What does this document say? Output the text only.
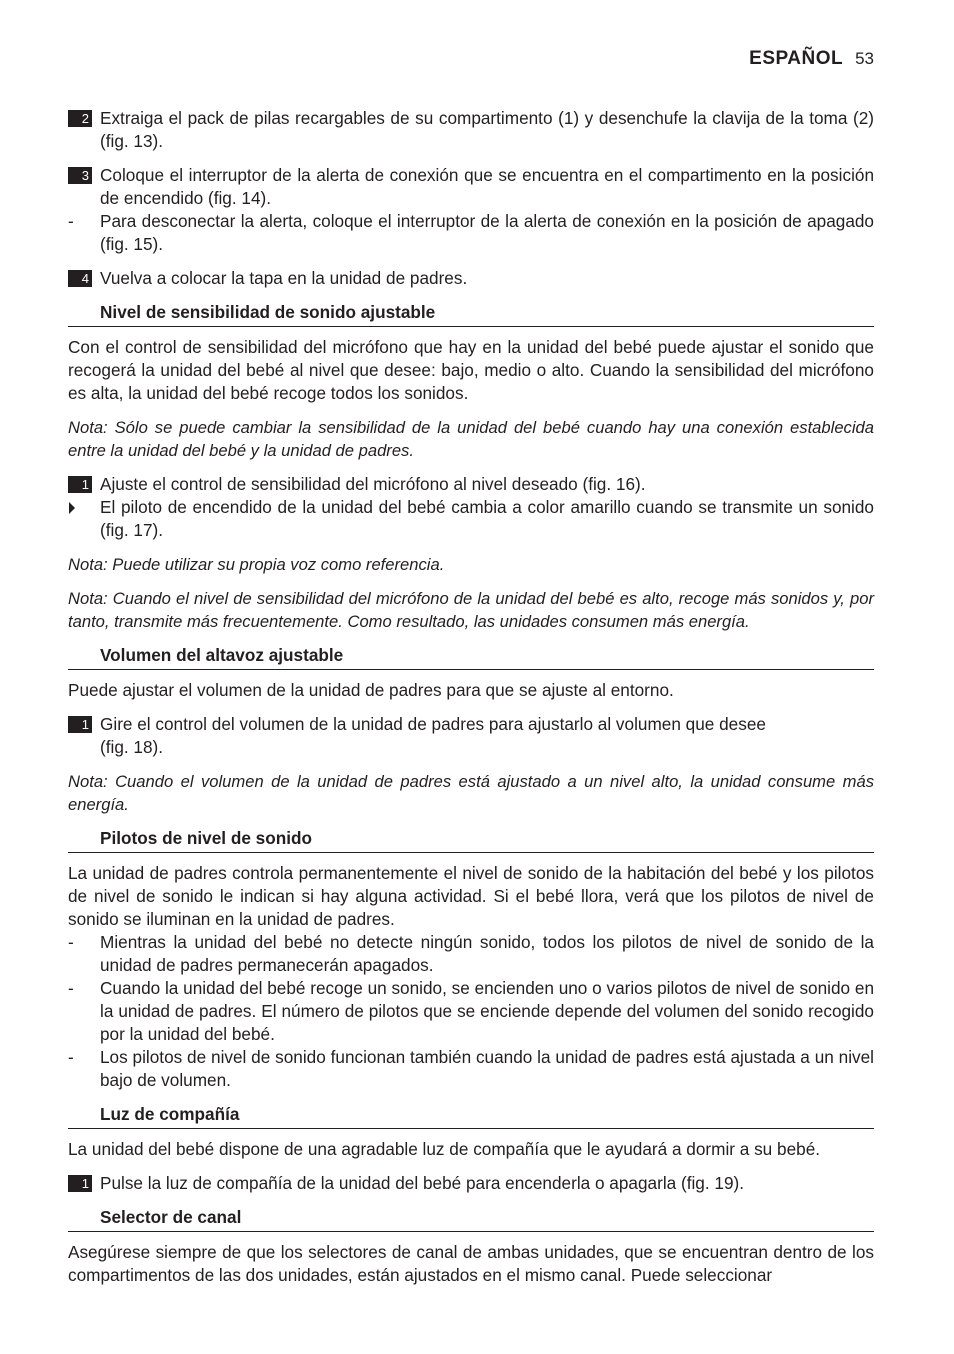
ESPAÑOL 53
2 Extraiga el pack de pilas recargables de su compartimento (1) y desenchufe la clavija de la toma (2) (fig. 13).
3 Coloque el interruptor de la alerta de conexión que se encuentra en el compartimento en la posición de encendido (fig. 14).
- Para desconectar la alerta, coloque el interruptor de la alerta de conexión en la posición de apagado (fig. 15).
4 Vuelva a colocar la tapa en la unidad de padres.
Nivel de sensibilidad de sonido ajustable
Con el control de sensibilidad del micrófono que hay en la unidad del bebé puede ajustar el sonido que recogerá la unidad del bebé al nivel que desee: bajo, medio o alto. Cuando la sensibilidad del micrófono es alta, la unidad del bebé recoge todos los sonidos.
Nota: Sólo se puede cambiar la sensibilidad de la unidad del bebé cuando hay una conexión establecida entre la unidad del bebé y la unidad de padres.
1 Ajuste el control de sensibilidad del micrófono al nivel deseado (fig. 16).
El piloto de encendido de la unidad del bebé cambia a color amarillo cuando se transmite un sonido (fig. 17).
Nota: Puede utilizar su propia voz como referencia.
Nota: Cuando el nivel de sensibilidad del micrófono de la unidad del bebé es alto, recoge más sonidos y, por tanto, transmite más frecuentemente. Como resultado, las unidades consumen más energía.
Volumen del altavoz ajustable
Puede ajustar el volumen de la unidad de padres para que se ajuste al entorno.
1 Gire el control del volumen de la unidad de padres para ajustarlo al volumen que desee (fig. 18).
Nota: Cuando el volumen de la unidad de padres está ajustado a un nivel alto, la unidad consume más energía.
Pilotos de nivel de sonido
La unidad de padres controla permanentemente el nivel de sonido de la habitación del bebé y los pilotos de nivel de sonido le indican si hay alguna actividad. Si el bebé llora, verá que los pilotos de nivel de sonido se iluminan en la unidad de padres.
- Mientras la unidad del bebé no detecte ningún sonido, todos los pilotos de nivel de sonido de la unidad de padres permanecerán apagados.
- Cuando la unidad del bebé recoge un sonido, se encienden uno o varios pilotos de nivel de sonido en la unidad de padres. El número de pilotos que se enciende depende del volumen del sonido recogido por la unidad del bebé.
- Los pilotos de nivel de sonido funcionan también cuando la unidad de padres está ajustada a un nivel bajo de volumen.
Luz de compañía
La unidad del bebé dispone de una agradable luz de compañía que le ayudará a dormir a su bebé.
1 Pulse la luz de compañía de la unidad del bebé para encenderla o apagarla (fig. 19).
Selector de canal
Asegúrese siempre de que los selectores de canal de ambas unidades, que se encuentran dentro de los compartimentos de las dos unidades, están ajustados en el mismo canal. Puede seleccionar
